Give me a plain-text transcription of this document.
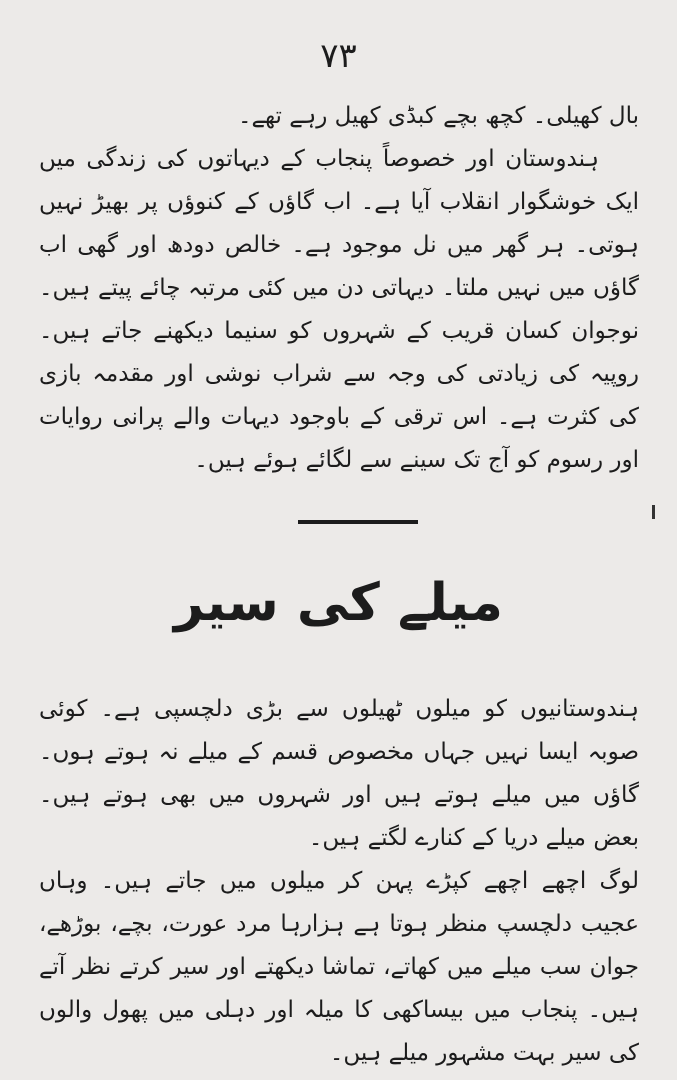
۷۳

بال کھیلی۔ کچھ بچے کبڈی کھیل رہے تھے۔

ہندوستان اور خصوصاً پنجاب کے دیہاتوں کی زندگی میں ایک خوشگوار انقلاب آیا ہے۔ اب گاؤں کے کنوؤں پر بھیڑ نہیں ہوتی۔ ہر گھر میں نل موجود ہے۔ خالص دودھ اور گھی اب گاؤں میں نہیں ملتا۔ دیہاتی دن میں کئی مرتبہ چائے پیتے ہیں۔ نوجوان کسان قریب کے شہروں کو سنیما دیکھنے جاتے ہیں۔ روپیہ کی زیادتی کی وجہ سے شراب نوشی اور مقدمہ بازی کی کثرت ہے۔ اس ترقی کے باوجود دیہات والے پرانی روایات اور رسوم کو آج تک سینے سے لگائے ہوئے ہیں۔

میلے کی سیر

ہندوستانیوں کو میلوں ٹھیلوں سے بڑی دلچسپی ہے۔ کوئی صوبہ ایسا نہیں جہاں مخصوص قسم کے میلے نہ ہوتے ہوں۔ گاؤں میں میلے ہوتے ہیں اور شہروں میں بھی ہوتے ہیں۔ بعض میلے دریا کے کنارے لگتے ہیں۔

لوگ اچھے اچھے کپڑے پہن کر میلوں میں جاتے ہیں۔ وہاں عجیب دلچسپ منظر ہوتا ہے ہزارہا مرد عورت، بچے، بوڑھے، جوان سب میلے میں کھاتے، تماشا دیکھتے اور سیر کرتے نظر آتے ہیں۔ پنجاب میں بیساکھی کا میلہ اور دہلی میں پھول والوں کی سیر بہت مشہور میلے ہیں۔
